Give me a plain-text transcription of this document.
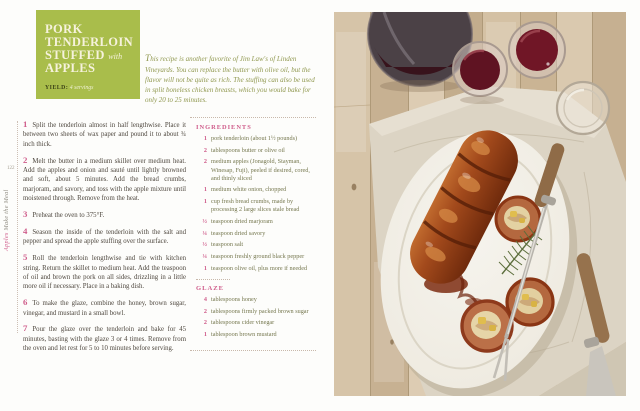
122
Apples Make the Meal
PORK
TENDERLOIN
STUFFED with
APPLES
YIELD: 4 servings
This recipe is another favorite of Jim Law's of Linden Vineyards. You can replace the butter with olive oil, but the flavor will not be quite as rich. The stuffing can also be used in split boneless chicken breasts, which you would bake for only 20 to 25 minutes.

1 Split the tenderloin almost in half lengthwise. Place it between two sheets of wax paper and pound it to about ¾ inch thick.

2 Melt the butter in a medium skillet over medium heat. Add the apples and onion and sauté until lightly browned and soft, about 5 minutes. Add the bread crumbs, marjoram, and savory, and toss with the apple mixture until moistened through. Remove from the heat.

3 Preheat the oven to 375°F.

4 Season the inside of the tenderloin with the salt and pepper and spread the apple stuffing over the surface.

5 Roll the tenderloin lengthwise and tie with kitchen string. Return the skillet to medium heat. Add the teaspoon of oil and brown the pork on all sides, drizzling in a little more oil if necessary. Place in a baking dish.

6 To make the glaze, combine the honey, brown sugar, vinegar, and mustard in a small bowl.

7 Pour the glaze over the tenderloin and bake for 45 minutes, basting with the glaze 3 or 4 times. Remove from the oven and let rest for 5 to 10 minutes before serving.

INGREDIENTS
1 pork tenderloin (about 1½ pounds)
2 tablespoons butter or olive oil
2 medium apples (Jonagold, Stayman, Winesap, Fuji), peeled if desired, cored, and thinly sliced
1 medium white onion, chopped
1 cup fresh bread crumbs, made by processing 2 large slices stale bread
½ teaspoon dried marjoram
¼ teaspoon dried savory
½ teaspoon salt
¼ teaspoon freshly ground black pepper
1 teaspoon olive oil, plus more if needed
GLAZE
4 tablespoons honey
2 tablespoons firmly packed brown sugar
2 tablespoons cider vinegar
1 tablespoon brown mustard
